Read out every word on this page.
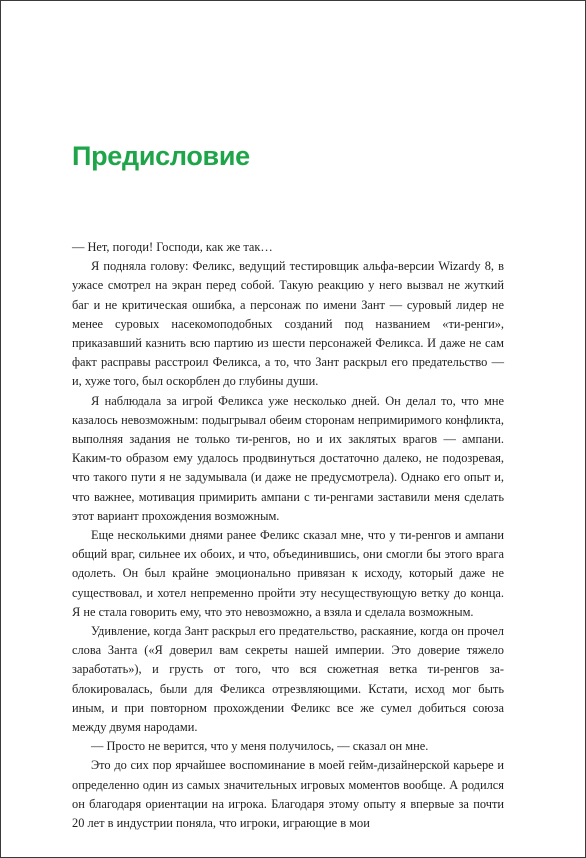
Предисловие

— Нет, погоди! Господи, как же так…

Я подняла голову: Феликс, ведущий тестировщик альфа-версии Wizardy 8, в ужасе смотрел на экран перед собой. Такую реакцию у него вызвал не жуткий баг и не критическая ошибка, а персонаж по имени Зант — суровый лидер не менее суровых насекомоподобных созданий под названием «ти-ренги», приказавший казнить всю партию из шести персонажей Феликса. И даже не сам факт расправы расстроил Феликса, а то, что Зант раскрыл его предательство — и, хуже того, был оскорблен до глубины души.

Я наблюдала за игрой Феликса уже несколько дней. Он делал то, что мне казалось невозможным: подыгрывал обеим сторонам непримиримого конфликта, выполняя задания не только ти-ренгов, но и их заклятых врагов — ампани. Каким-то образом ему удалось продвинуться достаточно далеко, не подозревая, что такого пути я не задумывала (и даже не предусмотрела). Однако его опыт и, что важнее, мотивация примирить ампани с ти-ренгами заставили меня сделать этот вариант прохождения возможным.

Еще несколькими днями ранее Феликс сказал мне, что у ти-ренгов и ампани общий враг, сильнее их обоих, и что, объединившись, они смогли бы этого врага одолеть. Он был крайне эмоционально привязан к исходу, который даже не существовал, и хотел непременно пройти эту несуществующую ветку до конца. Я не стала говорить ему, что это невозможно, а взяла и сделала возможным.

Удивление, когда Зант раскрыл его предательство, раскаяние, когда он прочел слова Занта («Я доверил вам секреты нашей империи. Это доверие тяжело заработать»), и грусть от того, что вся сюжетная ветка ти-ренгов заблокировалась, были для Феликса отрезвляющими. Кстати, исход мог быть иным, и при повторном прохождении Феликс все же сумел добиться союза между двумя народами.

— Просто не верится, что у меня получилось, — сказал он мне.

Это до сих пор ярчайшее воспоминание в моей гейм-дизайнерской карьере и определенно один из самых значительных игровых моментов вообще. А родился он благодаря ориентации на игрока. Благодаря этому опыту я впервые за почти 20 лет в индустрии поняла, что игроки, играющие в мои
